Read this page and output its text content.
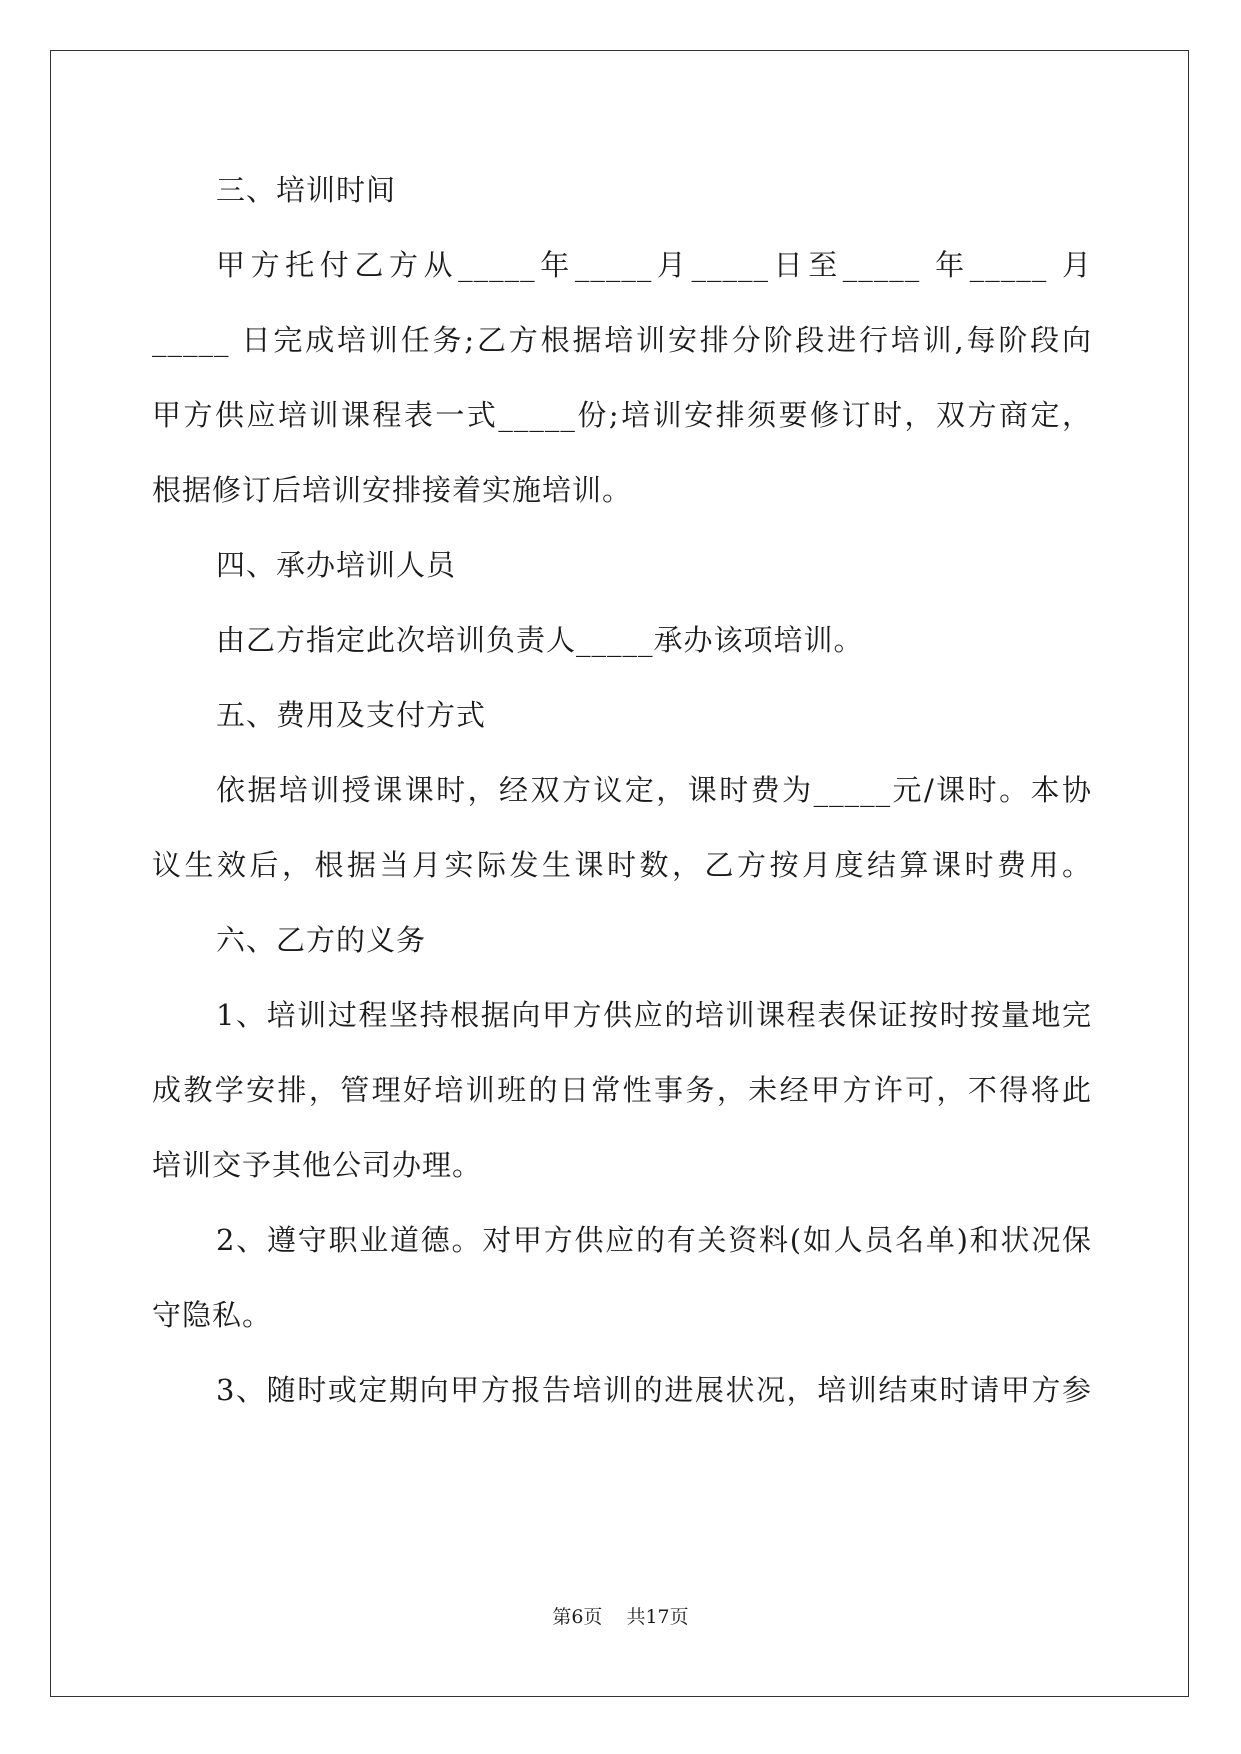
三、培训时间
甲方托付乙方从_____年_____月_____日至_____ 年_____ 月
_____ 日完成培训任务;乙方根据培训安排分阶段进行培训,每阶段向
甲方供应培训课程表一式_____份;培训安排须要修订时，双方商定，
根据修订后培训安排接着实施培训。
四、承办培训人员
由乙方指定此次培训负责人_____承办该项培训。
五、费用及支付方式
依据培训授课课时，经双方议定，课时费为_____元/课时。本协
议生效后，根据当月实际发生课时数，乙方按月度结算课时费用。
六、乙方的义务
1、培训过程坚持根据向甲方供应的培训课程表保证按时按量地完
成教学安排，管理好培训班的日常性事务，未经甲方许可，不得将此
培训交予其他公司办理。
2、遵守职业道德。对甲方供应的有关资料(如人员名单)和状况保
守隐私。
3、随时或定期向甲方报告培训的进展状况，培训结束时请甲方参
第6页 共17页
